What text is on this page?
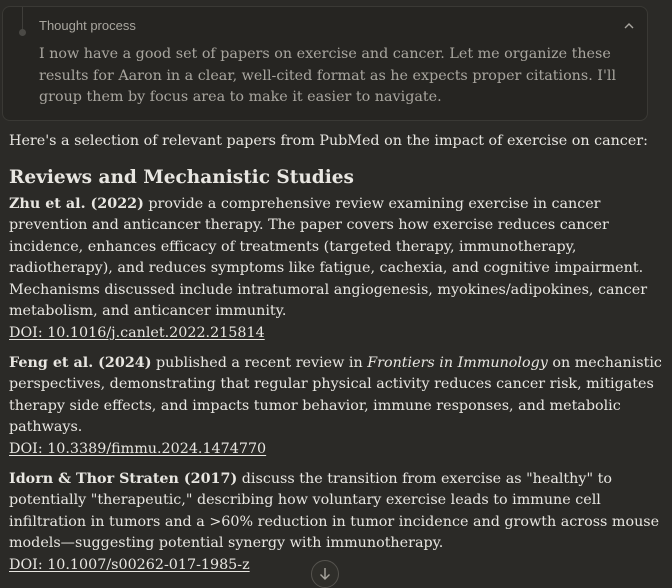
Thought process

I now have a good set of papers on exercise and cancer. Let me organize these results for Aaron in a clear, well-cited format as he expects proper citations. I'll group them by focus area to make it easier to navigate.

Here's a selection of relevant papers from PubMed on the impact of exercise on cancer:

Reviews and Mechanistic Studies
Zhu et al. (2022) provide a comprehensive review examining exercise in cancer prevention and anticancer therapy. The paper covers how exercise reduces cancer incidence, enhances efficacy of treatments (targeted therapy, immunotherapy, radiotherapy), and reduces symptoms like fatigue, cachexia, and cognitive impairment. Mechanisms discussed include intratumoral angiogenesis, myokines/adipokines, cancer metabolism, and anticancer immunity.
DOI: 10.1016/j.canlet.2022.215814
Feng et al. (2024) published a recent review in Frontiers in Immunology on mechanistic perspectives, demonstrating that regular physical activity reduces cancer risk, mitigates therapy side effects, and impacts tumor behavior, immune responses, and metabolic pathways.
DOI: 10.3389/fimmu.2024.1474770
Idorn & Thor Straten (2017) discuss the transition from exercise as "healthy" to potentially "therapeutic," describing how voluntary exercise leads to immune cell infiltration in tumors and a >60% reduction in tumor incidence and growth across mouse models—suggesting potential synergy with immunotherapy.
DOI: 10.1007/s00262-017-1985-z
